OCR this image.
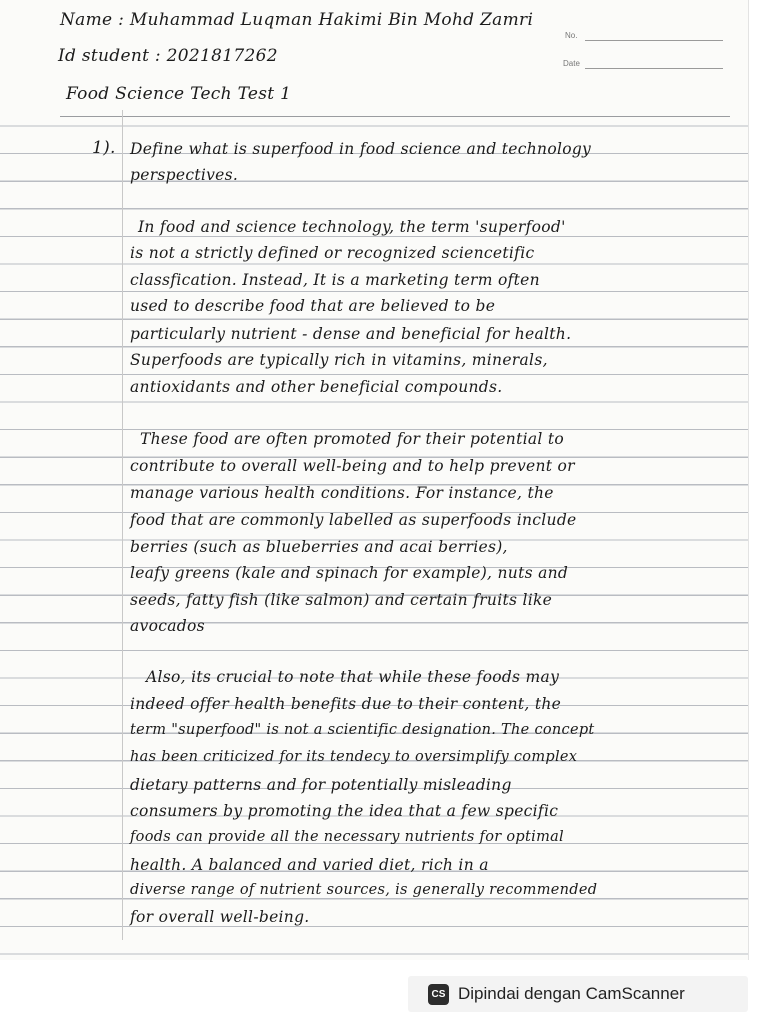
Name : Muhammad Luqman Hakimi Bin Mohd Zamri
Id student : 2021817262
No.
Date
Food Science Tech Test 1
1). Define what is superfood in food science and technology
perspectives.
In food and science technology, the term 'superfood'
is not a strictly defined or recognized sciencetific
classfication. Instead, It is a marketing term often
used to describe food that are believed to be
particularly nutrient - dense and beneficial for health.
Superfoods are typically rich in vitamins, minerals,
antioxidants and other beneficial compounds.
These food are often promoted for their potential to
contribute to overall well-being and to help prevent or
manage various health conditions. For instance, the
food that are commonly labelled as superfoods include
berries (such as blueberries and acai berries),
leafy greens (kale and spinach for example), nuts and
seeds, fatty fish (like salmon) and certain fruits like
avocados
Also, its crucial to note that while these foods may
indeed offer health benefits due to their content, the
term "superfood" is not a scientific designation. The concept
has been criticized for its tendecy to oversimplify complex
dietary patterns and for potentially misleading
consumers by promoting the idea that a few specific
foods can provide all the necessary nutrients for optimal
health. A balanced and varied diet, rich in a
diverse range of nutrient sources, is generally recommended
for overall well-being.
CS Dipindai dengan CamScanner
